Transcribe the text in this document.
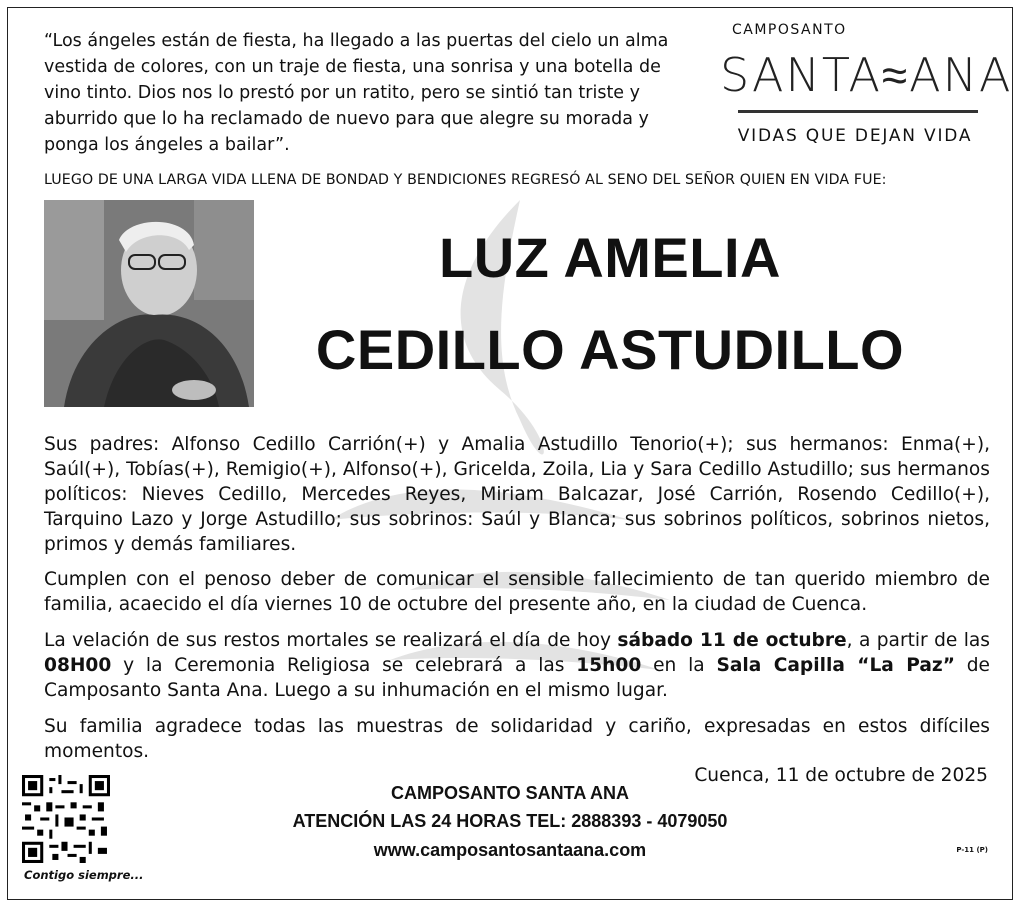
“Los ángeles están de fiesta, ha llegado a las puertas del cielo un alma vestida de colores, con un traje de fiesta, una sonrisa y una botella de vino tinto. Dios nos lo prestó por un ratito, pero se sintió tan triste y aburrido que lo ha reclamado de nuevo para que alegre su morada y ponga los ángeles a bailar”.
CAMPOSANTO
SANTA≈ANA
VIDAS QUE DEJAN VIDA
LUEGO DE UNA LARGA VIDA LLENA DE BONDAD Y BENDICIONES REGRESÓ AL SENO DEL SEÑOR QUIEN EN VIDA FUE:
LUZ AMELIA
CEDILLO ASTUDILLO
Sus padres: Alfonso Cedillo Carrión(+) y Amalia Astudillo Tenorio(+); sus hermanos: Enma(+), Saúl(+), Tobías(+), Remigio(+), Alfonso(+), Gricelda, Zoila, Lia y Sara Cedillo Astudillo; sus hermanos políticos: Nieves Cedillo, Mercedes Reyes, Miriam Balcazar, José Carrión, Rosendo Cedillo(+), Tarquino Lazo y Jorge Astudillo; sus sobrinos: Saúl y Blanca; sus sobrinos políticos, sobrinos nietos, primos y demás familiares.
Cumplen con el penoso deber de comunicar el sensible fallecimiento de tan querido miembro de familia, acaecido el día viernes 10 de octubre del presente año, en la ciudad de Cuenca.
La velación de sus restos mortales se realizará el día de hoy sábado 11 de octubre, a partir de las 08H00 y la Ceremonia Religiosa se celebrará a las 15h00 en la Sala Capilla “La Paz” de Camposanto Santa Ana. Luego a su inhumación en el mismo lugar.
Su familia agradece todas las muestras de solidaridad y cariño, expresadas en estos difíciles momentos.
Cuenca, 11 de octubre de 2025
Contigo siempre...
CAMPOSANTO SANTA ANA
ATENCIÓN LAS 24 HORAS TEL: 2888393 - 4079050
www.camposantosantaana.com	P-11 (P)
